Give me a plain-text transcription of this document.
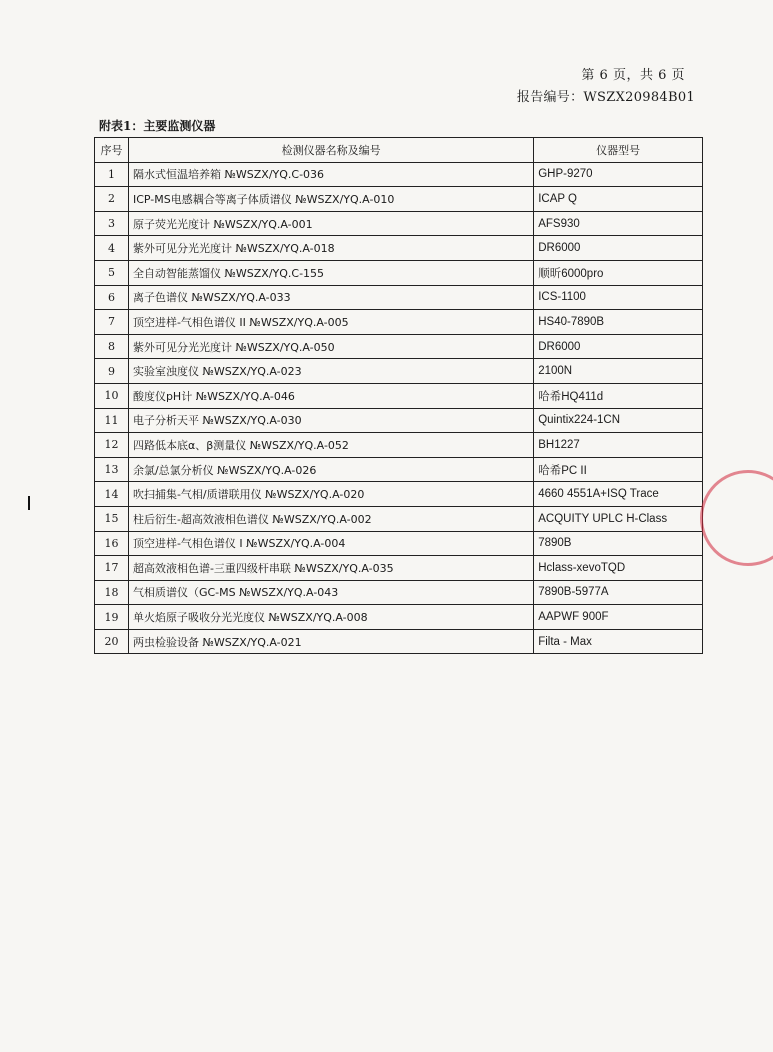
第 6 页，共 6 页
报告编号：WSZX20984B01
附表1：主要监测仪器
序号	检测仪器名称及编号	仪器型号
1	隔水式恒温培养箱 №WSZX/YQ.C-036	GHP-9270
2	ICP-MS电感耦合等离子体质谱仪 №WSZX/YQ.A-010	ICAP Q
3	原子荧光光度计 №WSZX/YQ.A-001	AFS930
4	紫外可见分光光度计 №WSZX/YQ.A-018	DR6000
5	全自动智能蒸馏仪 №WSZX/YQ.C-155	顺昕6000pro
6	离子色谱仪 №WSZX/YQ.A-033	ICS-1100
7	顶空进样-气相色谱仪 II №WSZX/YQ.A-005	HS40-7890B
8	紫外可见分光光度计 №WSZX/YQ.A-050	DR6000
9	实验室浊度仪 №WSZX/YQ.A-023	2100N
10	酸度仪pH计 №WSZX/YQ.A-046	哈希HQ411d
11	电子分析天平 №WSZX/YQ.A-030	Quintix224-1CN
12	四路低本底α、β测量仪 №WSZX/YQ.A-052	BH1227
13	余氯/总氯分析仪 №WSZX/YQ.A-026	哈希PC II
14	吹扫捕集-气相/质谱联用仪 №WSZX/YQ.A-020	4660 4551A+ISQ Trace
15	柱后衍生-超高效液相色谱仪 №WSZX/YQ.A-002	ACQUITY UPLC H-Class
16	顶空进样-气相色谱仪 I №WSZX/YQ.A-004	7890B
17	超高效液相色谱-三重四级杆串联 №WSZX/YQ.A-035	Hclass-xevoTQD
18	气相质谱仪（GC-MS №WSZX/YQ.A-043	7890B-5977A
19	单火焰原子吸收分光光度仪 №WSZX/YQ.A-008	AAPWF 900F
20	两虫检验设备 №WSZX/YQ.A-021	Filta - Max
